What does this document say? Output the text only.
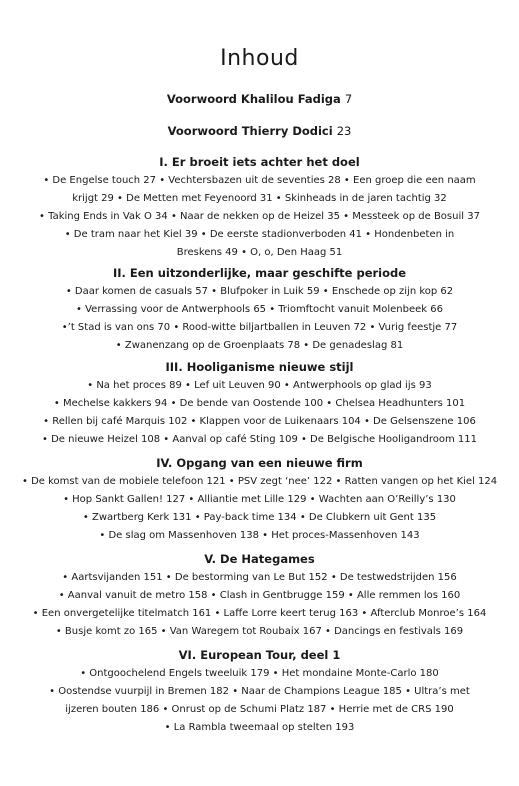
Inhoud

Voorwoord Khalilou Fadiga 7

Voorwoord Thierry Dodici 23

I. Er broeit iets achter het doel

• De Engelse touch 27 • Vechtersbazen uit de seventies 28 • Een groep die een naam
krijgt 29 • De Metten met Feyenoord 31 • Skinheads in de jaren tachtig 32
• Taking Ends in Vak O 34 • Naar de nekken op de Heizel 35 • Messteek op de Bosuil 37
• De tram naar het Kiel 39 • De eerste stadionverboden 41 • Hondenbeten in
Breskens 49 • O, o, Den Haag 51

II. Een uitzonderlijke, maar geschifte periode

• Daar komen de casuals 57 • Blufpoker in Luik 59 • Enschede op zijn kop 62
• Verrassing voor de Antwerphools 65 • Triomftocht vanuit Molenbeek 66
•’t Stad is van ons 70 • Rood-witte biljartballen in Leuven 72 • Vurig feestje 77
• Zwanenzang op de Groenplaats 78 • De genadeslag 81

III. Hooliganisme nieuwe stijl

• Na het proces 89 • Lef uit Leuven 90 • Antwerphools op glad ijs 93
• Mechelse kakkers 94 • De bende van Oostende 100 • Chelsea Headhunters 101
• Rellen bij café Marquis 102 • Klappen voor de Luikenaars 104 • De Gelsenszene 106
• De nieuwe Heizel 108 • Aanval op café Sting 109 • De Belgische Hooligandroom 111

IV. Opgang van een nieuwe firm

• De komst van de mobiele telefoon 121 • PSV zegt ‘nee’ 122 • Ratten vangen op het Kiel 124
• Hop Sankt Gallen! 127 • Alliantie met Lille 129 • Wachten aan O’Reilly’s 130
• Zwartberg Kerk 131 • Pay-back time 134 • De Clubkern uit Gent 135
• De slag om Massenhoven 138 • Het proces-Massenhoven 143

V. De Hategames

• Aartsvijanden 151 • De bestorming van Le But 152 • De testwedstrijden 156
• Aanval vanuit de metro 158 • Clash in Gentbrugge 159 • Alle remmen los 160
• Een onvergetelijke titelmatch 161 • Laffe Lorre keert terug 163 • Afterclub Monroe’s 164
• Busje komt zo 165 • Van Waregem tot Roubaix 167 • Dancings en festivals 169

VI. European Tour, deel 1

• Ontgoochelend Engels tweeluik 179 • Het mondaine Monte-Carlo 180
• Oostendse vuurpijl in Bremen 182 • Naar de Champions League 185 • Ultra’s met
ijzeren bouten 186 • Onrust op de Schumi Platz 187 • Herrie met de CRS 190
• La Rambla tweemaal op stelten 193
